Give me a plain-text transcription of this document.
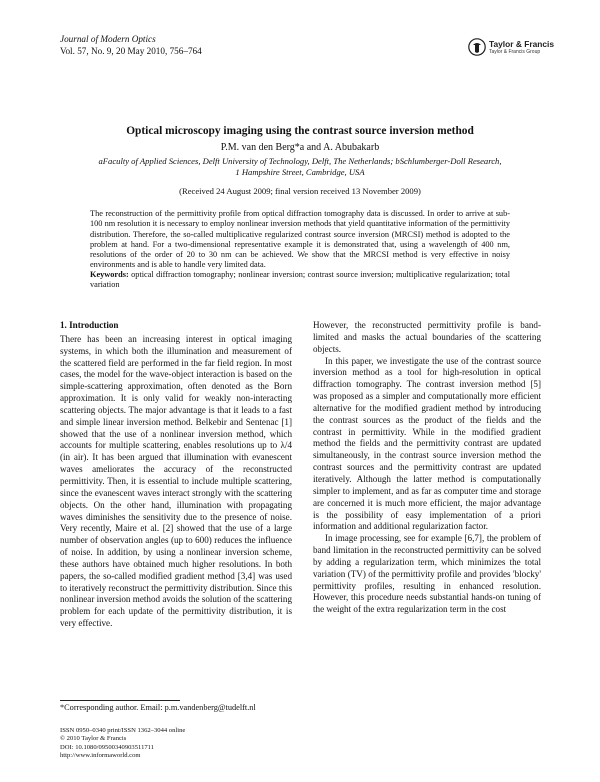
Journal of Modern Optics
Vol. 57, No. 9, 20 May 2010, 756–764
Taylor & Francis
Taylor & Francis Group
Optical microscopy imaging using the contrast source inversion method
P.M. van den Berg*a and A. Abubakarb
aFaculty of Applied Sciences, Delft University of Technology, Delft, The Netherlands; bSchlumberger-Doll Research,
1 Hampshire Street, Cambridge, USA
(Received 24 August 2009; final version received 13 November 2009)
The reconstruction of the permittivity profile from optical diffraction tomography data is discussed. In order to arrive at sub-100 nm resolution it is necessary to employ nonlinear inversion methods that yield quantitative information of the permittivity distribution. Therefore, the so-called multiplicative regularized contrast source inversion (MRCSI) method is adopted to the problem at hand. For a two-dimensional representative example it is demonstrated that, using a wavelength of 400 nm, resolutions of the order of 20 to 30 nm can be achieved. We show that the MRCSI method is very effective in noisy environments and is able to handle very limited data.
Keywords: optical diffraction tomography; nonlinear inversion; contrast source inversion; multiplicative regularization; total variation
1. Introduction

There has been an increasing interest in optical imaging systems, in which both the illumination and measurement of the scattered field are performed in the far field region. In most cases, the model for the wave-object interaction is based on the simple-scattering approximation, often denoted as the Born approximation. It is only valid for weakly non-interacting scattering objects. The major advantage is that it leads to a fast and simple linear inversion method. Belkebir and Sentenac [1] showed that the use of a nonlinear inversion method, which accounts for multiple scattering, enables resolutions up to λ/4 (in air). It has been argued that illumination with evanescent waves ameliorates the accuracy of the reconstructed permittivity. Then, it is essential to include multiple scattering, since the evanescent waves interact strongly with the scattering objects. On the other hand, illumination with propagating waves diminishes the sensitivity due to the presence of noise. Very recently, Maire et al. [2] showed that the use of a large number of observation angles (up to 600) reduces the influence of noise. In addition, by using a nonlinear inversion scheme, these authors have obtained much higher resolutions. In both papers, the so-called modified gradient method [3,4] was used to iteratively reconstruct the permittivity distribution. Since this nonlinear inversion method avoids the solution of the scattering problem for each update of the permittivity distribution, it is very effective.

However, the reconstructed permittivity profile is band-limited and masks the actual boundaries of the scattering objects.

In this paper, we investigate the use of the contrast source inversion method as a tool for high-resolution in optical diffraction tomography. The contrast inversion method [5] was proposed as a simpler and computationally more efficient alternative for the modified gradient method by introducing the contrast sources as the product of the fields and the contrast in permittivity. While in the modified gradient method the fields and the permittivity contrast are updated simultaneously, in the contrast source inversion method the contrast sources and the permittivity contrast are updated iteratively. Although the latter method is computationally simpler to implement, and as far as computer time and storage are concerned it is much more efficient, the major advantage is the possibility of easy implementation of a priori information and additional regularization factor.

In image processing, see for example [6,7], the problem of band limitation in the reconstructed permittivity can be solved by adding a regularization term, which minimizes the total variation (TV) of the permittivity profile and provides 'blocky' permittivity profiles, resulting in enhanced resolution. However, this procedure needs substantial hands-on tuning of the weight of the extra regularization term in the cost

*Corresponding author. Email: p.m.vandenberg@tudelft.nl
ISSN 0950–0340 print/ISSN 1362–3044 online
© 2010 Taylor & Francis
DOI: 10.1080/09500340903511711
http://www.informaworld.com
